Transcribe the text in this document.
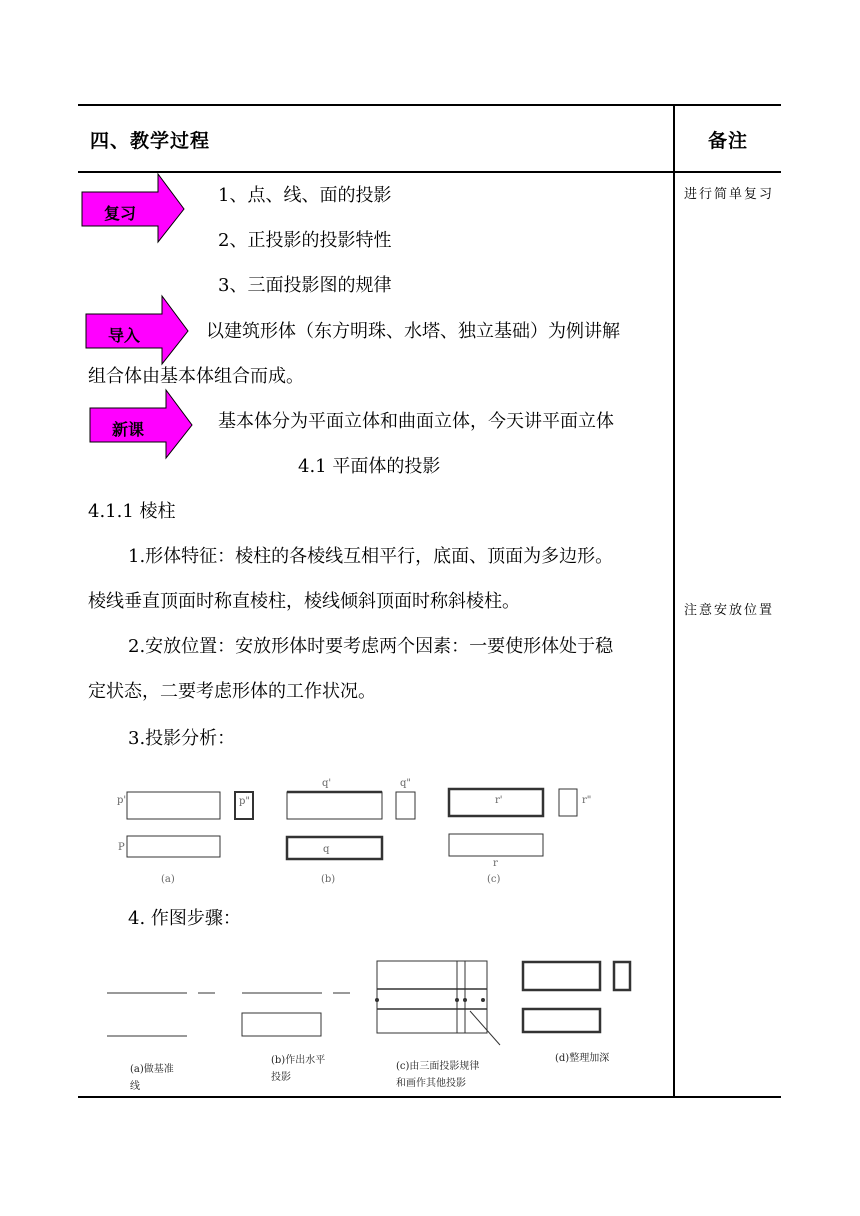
四、教学过程	备注
复习
导入
新课
1、点、线、面的投影
2、正投影的投影特性
3、三面投影图的规律
以建筑形体（东方明珠、水塔、独立基础）为例讲解
组合体由基本体组合而成。
基本体分为平面立体和曲面立体，今天讲平面立体
4.1 平面体的投影
4.1.1 棱柱
1.形体特征：棱柱的各棱线互相平行，底面、顶面为多边形。
棱线垂直顶面时称直棱柱，棱线倾斜顶面时称斜棱柱。
2.安放位置：安放形体时要考虑两个因素：一要使形体处于稳
定状态，二要考虑形体的工作状况。
3.投影分析：
4. 作图步骤：
进行简单复习
注意安放位置
p'	p"
P
q'	q"
q
r'	r"
r
(a)	(b)	(c)
(a)做基准
线
(b)作出水平
投影
(c)由三面投影规律
和画作其他投影
(d)整理加深
